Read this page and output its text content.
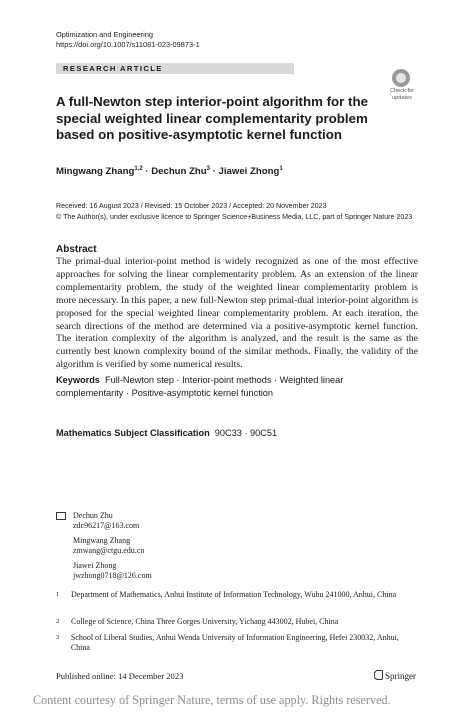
Optimization and Engineering
https://doi.org/10.1007/s11081-023-09873-1
RESEARCH ARTICLE
Check for
updates
A full-Newton step interior-point algorithm for the special weighted linear complementarity problem based on positive-asymptotic kernel function
Mingwang Zhang$^{1,2}$ · Dechun Zhu$^3$ · Jiawei Zhong$^1$
Received: 16 August 2023 / Revised: 15 October 2023 / Accepted: 20 November 2023
© The Author(s), under exclusive licence to Springer Science+Business Media, LLC, part of Springer Nature 2023
Abstract
The primal-dual interior-point method is widely recognized as one of the most effective approaches for solving the linear complementarity problem. As an extension of the linear complementarity problem, the study of the weighted linear complementarity problem is more necessary. In this paper, a new full-Newton step primal-dual interior-point algorithm is proposed for the special weighted linear complementarity problem. At each iteration, the search directions of the method are determined via a positive-asymptotic kernel function. The iteration complexity of the algorithm is analyzed, and the result is the same as the currently best known complexity bound of the similar methods. Finally, the validity of the algorithm is verified by some numerical results.
Keywords Full-Newton step · Interior-point methods · Weighted linear complementarity · Positive-asymptotic kernel function
Mathematics Subject Classification 90C33 · 90C51
Dechun Zhu
zdc96217@163.com
Mingwang Zhang
zmwang@ctgu.edu.cn
Jiawei Zhong
jwzhong0718@126.com
1	Department of Mathematics, Anhui Institute of Information Technology, Wuhu 241000, Anhui, China
2	College of Science, China Three Gorges University, Yichang 443002, Hubei, China
3	School of Liberal Studies, Anhui Wenda University of Information Engineering, Hefei 230032, Anhui, China
Published online: 14 December 2023	Springer
Content courtesy of Springer Nature, terms of use apply. Rights reserved.
